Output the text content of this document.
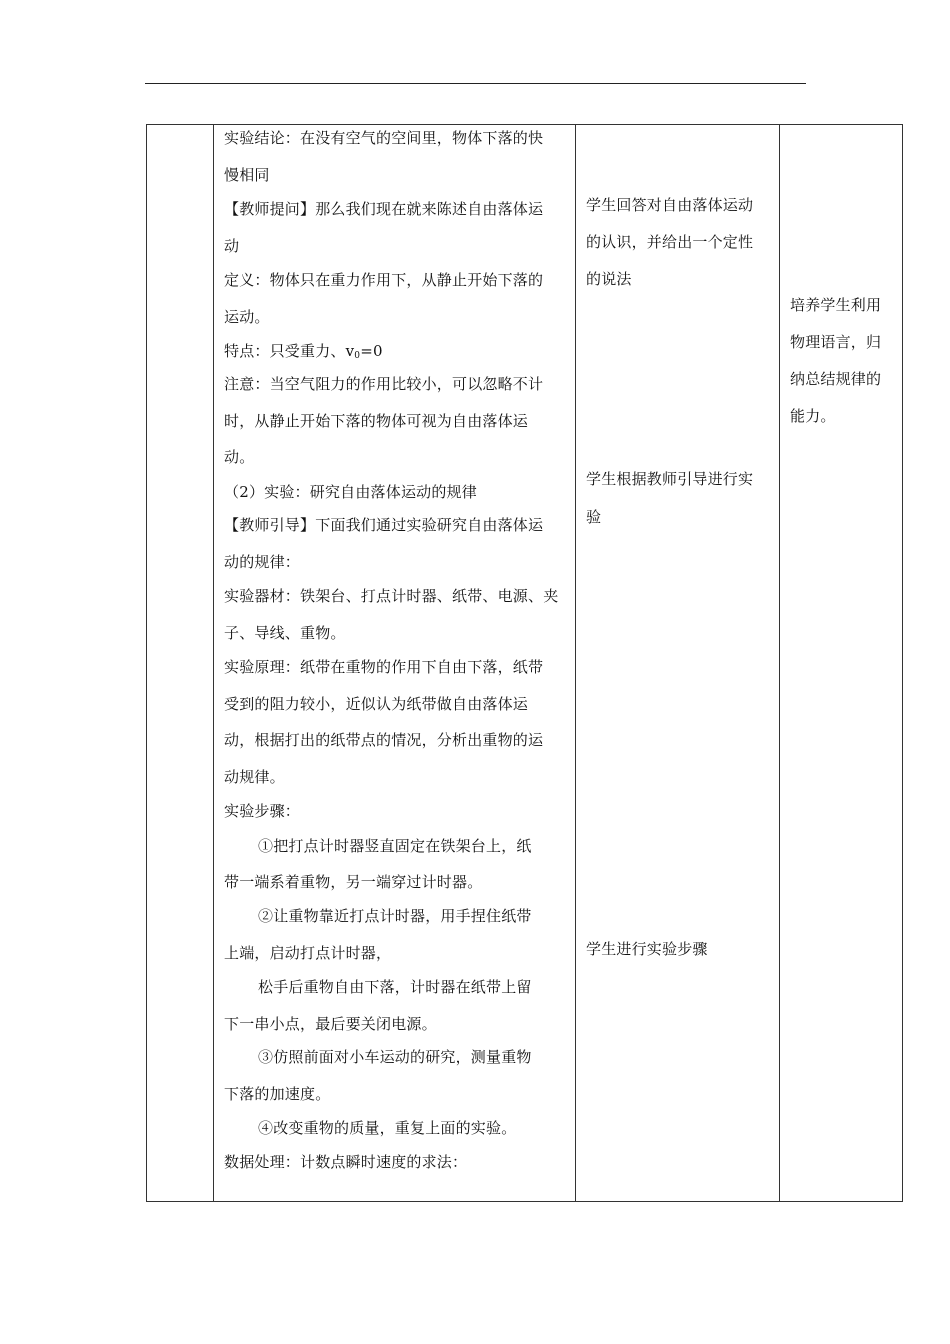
实验结论：在没有空气的空间里，物体下落的快
慢相同
【教师提问】那么我们现在就来陈述自由落体运
动
定义：物体只在重力作用下，从静止开始下落的
运动。
特点：只受重力、$v_0=0$
注意：当空气阻力的作用比较小，可以忽略不计
时，从静止开始下落的物体可视为自由落体运
动。
（2）实验：研究自由落体运动的规律
【教师引导】下面我们通过实验研究自由落体运
动的规律：
实验器材：铁架台、打点计时器、纸带、电源、夹
子、导线、重物。
实验原理：纸带在重物的作用下自由下落，纸带
受到的阻力较小，近似认为纸带做自由落体运
动，根据打出的纸带点的情况，分析出重物的运
动规律。
实验步骤：
①把打点计时器竖直固定在铁架台上，纸
带一端系着重物，另一端穿过计时器。
②让重物靠近打点计时器，用手捏住纸带
上端，启动打点计时器，
松手后重物自由下落，计时器在纸带上留
下一串小点，最后要关闭电源。
③仿照前面对小车运动的研究，测量重物
下落的加速度。
④改变重物的质量，重复上面的实验。
数据处理：计数点瞬时速度的求法：
学生回答对自由落体运动
的认识，并给出一个定性
的说法
学生根据教师引导进行实
验
学生进行实验步骤
培养学生利用
物理语言，归
纳总结规律的
能力。
